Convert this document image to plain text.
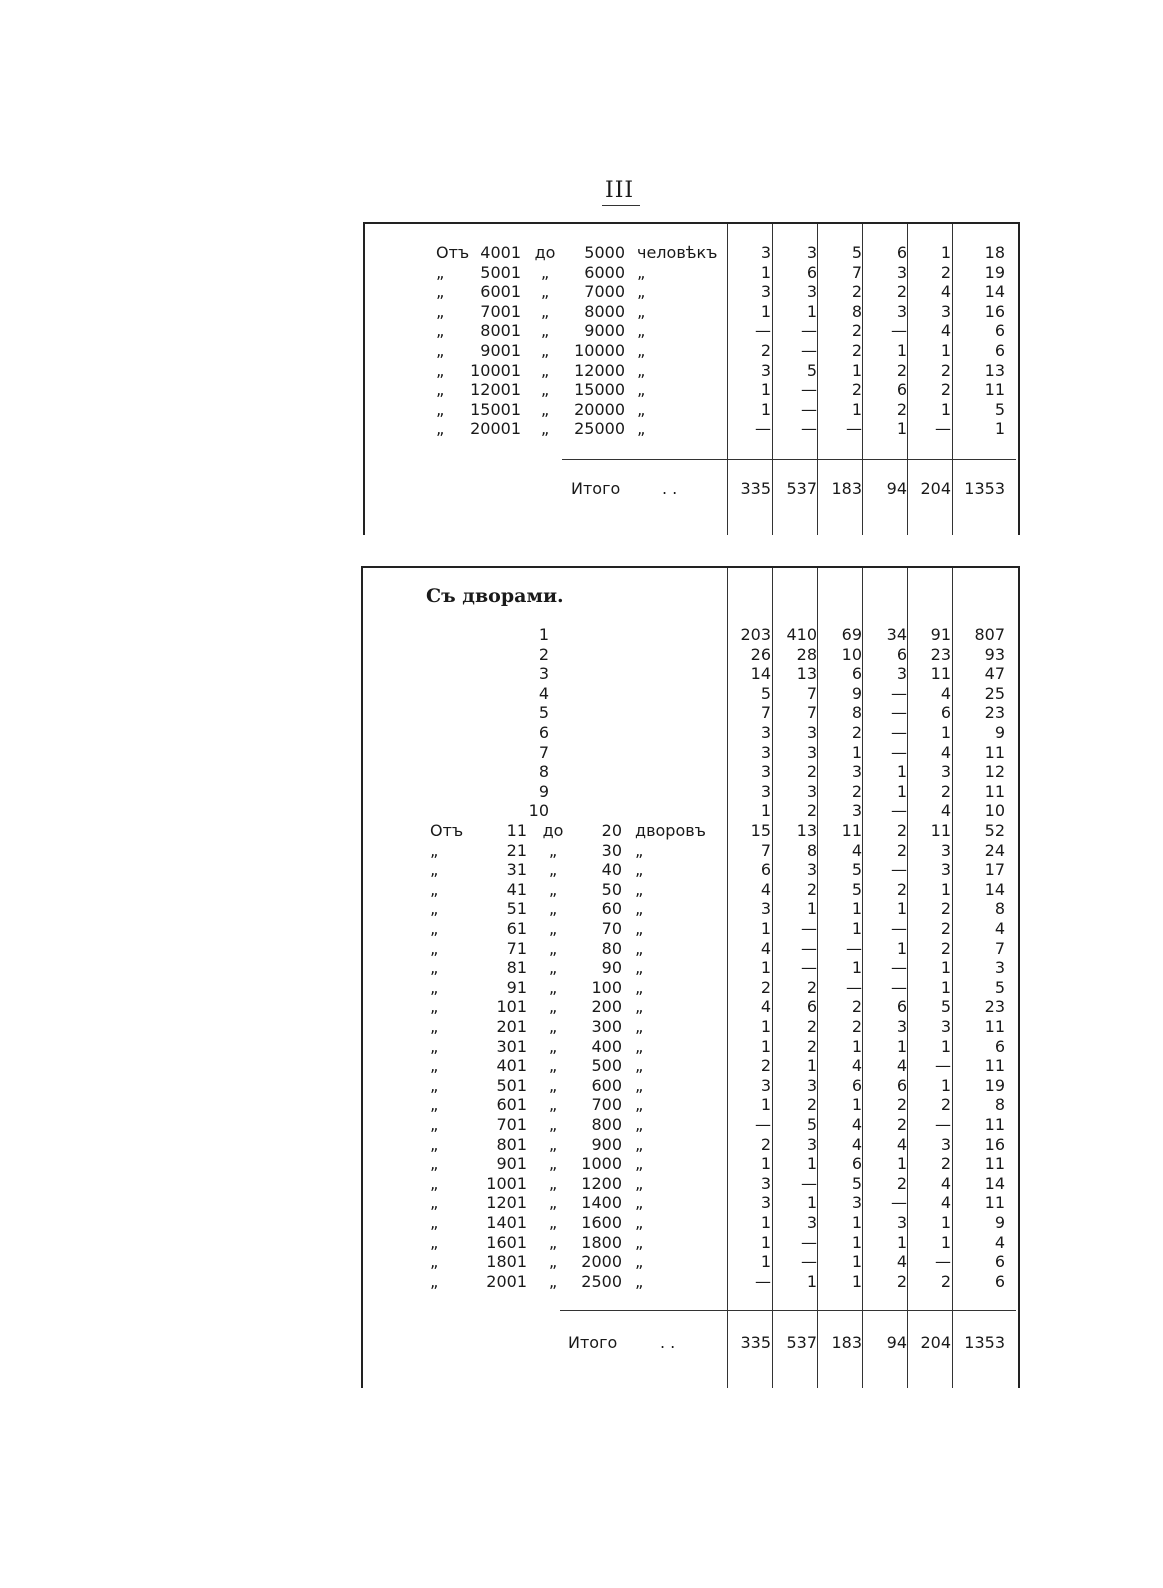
III
Съ дворами.
Отъ 4001 до	5000 человѣкъ	3	3	5	6	1	18
„	5001	„	6000 „	1	6	7	3	2	19
„	6001	„	7000 „	3	3	2	2	4	14
„	7001	„	8000 „	1	1	8	3	3	16
„	8001	„	9000 „	—	—	2	—	4	6
„	9001	„	10000 „	2	—	2	1	1	6
„	10001	„	12000 „	3	5	1	2	2	13
„	12001	„	15000 „	1	—	2	6	2	11
„	15001	„	20000 „	1	—	1	2	1	5
„	20001	„	25000 „	—	—	—	1	—	1
Итого	. .	335 537 183	94 204 1353
1	203 410	69	34	91	807
2	26	28	10	6	23	93
3	14	13	6	3	11	47
4	5	7	9	—	4	25
5	7	7	8	—	6	23
6	3	3	2	—	1	9
7	3	3	1	—	4	11
8	3	2	3	1	3	12
9	3	3	2	1	2	11
10	1	2	3	—	4	10
Отъ	11 до	20 дворовъ	15	13	11	2	11	52
„	21	„	30 „	7	8	4	2	3	24
„	31	„	40 „	6	3	5	—	3	17
„	41	„	50 „	4	2	5	2	1	14
„	51	„	60 „	3	1	1	1	2	8
„	61	„	70 „	1	—	1	—	2	4
„	71	„	80 „	4	—	—	1	2	7
„	81	„	90 „	1	—	1	—	1	3
„	91	„	100 „	2	2	—	—	1	5
„	101	„	200 „	4	6	2	6	5	23
„	201	„	300 „	1	2	2	3	3	11
„	301	„	400 „	1	2	1	1	1	6
„	401	„	500 „	2	1	4	4	—	11
„	501	„	600 „	3	3	6	6	1	19
„	601	„	700 „	1	2	1	2	2	8
„	701	„	800 „	—	5	4	2	—	11
„	801	„	900 „	2	3	4	4	3	16
„	901	„	1000 „	1	1	6	1	2	11
„	1001	„	1200 „	3	—	5	2	4	14
„	1201	„	1400 „	3	1	3	—	4	11
„	1401	„	1600 „	1	3	1	3	1	9
„	1601	„	1800 „	1	—	1	1	1	4
„	1801	„	2000 „	1	—	1	4	—	6
„	2001	„	2500 „	—	1	1	2	2	6
Итого	. .	335 537 183	94 204 1353
